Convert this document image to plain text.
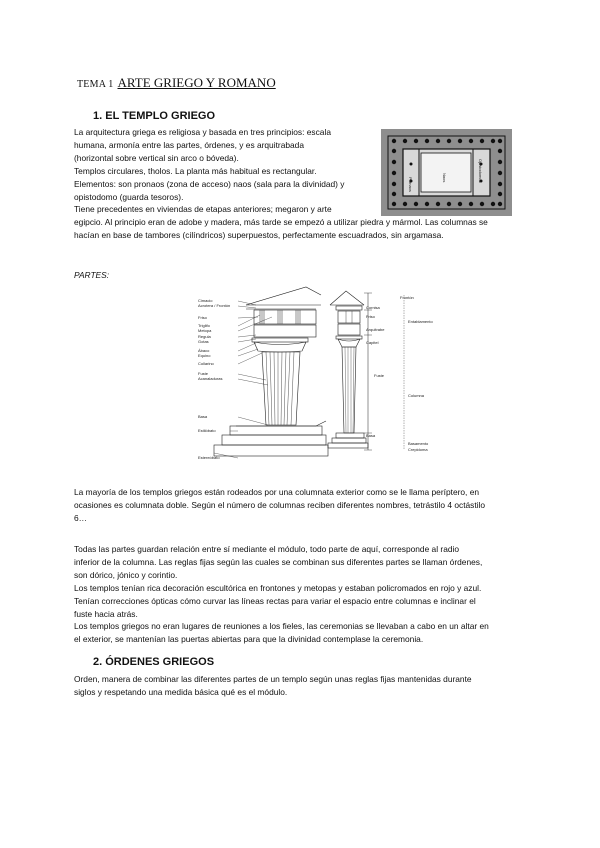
TEMA 1 ARTE GRIEGO Y ROMANO
1. EL TEMPLO GRIEGO
La arquitectura griega es religiosa y basada en tres principios: escala
humana, armonía entre las partes, órdenes, y es arquitrabada
(horizontal sobre vertical sin arco o bóveda).
Templos circulares, tholos. La planta más habitual es rectangular.
Elementos: son pronaos (zona de acceso) naos (sala para la divinidad) y
opistodomo (guarda tesoros).
Tiene precedentes en viviendas de etapas anteriores; megaron y arte
egipcio. Al principio eran de adobe y madera, más tarde se empezó a utilizar piedra y mármol. Las columnas se
hacían en base de tambores (cilíndricos) superpuestos, perfectamente escuadrados, sin argamasa.
Pronaos	Naos	Opistodomos
PARTES:
Cimacio
Acrotera / Frontón
Friso
Triglifo
Metopa
Regula
Gotas
Ábaco
Equino
Collarino
Fuste
Acanaladuras
Basa
Estilóbato
Estereóbato
Frontón
Cornisa
Friso
Arquitrabe
Capitel
Fuste
Basa
Entablamento
Columna
Basamento
Crepidoma
La mayoría de los templos griegos están rodeados por una columnata exterior como se le llama períptero, en
ocasiones es columnata doble. Según el número de columnas reciben diferentes nombres, tetrástilo 4 octástilo
6…
Todas las partes guardan relación entre sí mediante el módulo, todo parte de aquí, corresponde al radio
inferior de la columna. Las reglas fijas según las cuales se combinan sus diferentes partes se llaman órdenes,
son dórico, jónico y corintio.
Los templos tenían rica decoración escultórica en frontones y metopas y estaban policromados en rojo y azul.
Tenían correcciones ópticas cómo curvar las líneas rectas para variar el espacio entre columnas e inclinar el
fuste hacia atrás.
Los templos griegos no eran lugares de reuniones a los fieles, las ceremonias se llevaban a cabo en un altar en
el exterior, se mantenían las puertas abiertas para que la divinidad contemplase la ceremonia.
2. ÓRDENES GRIEGOS
Orden, manera de combinar las diferentes partes de un templo según unas reglas fijas mantenidas durante
siglos y respetando una medida básica qué es el módulo.
